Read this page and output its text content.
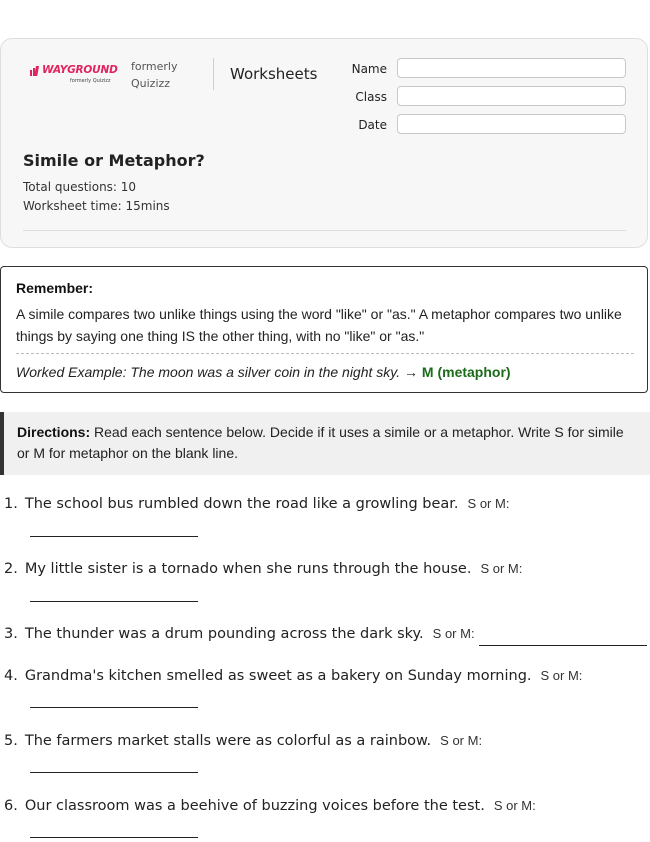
WAYGROUND
formerly Quizizz
formerly
Quizizz
Worksheets	Name
Class
Date
Simile or Metaphor?
Total questions: 10
Worksheet time: 15mins
Remember:
A simile compares two unlike things using the word "like" or "as." A metaphor compares two unlike things by saying one thing IS the other thing, with no "like" or "as."
Worked Example: The moon was a silver coin in the night sky. → M (metaphor)
Directions: Read each sentence below. Decide if it uses a simile or a metaphor. Write S for simile or M for metaphor on the blank line.
1. The school bus rumbled down the road like a growling bear. S or M:
2. My little sister is a tornado when she runs through the house. S or M:
3. The thunder was a drum pounding across the dark sky. S or M:
4. Grandma's kitchen smelled as sweet as a bakery on Sunday morning. S or M:
5. The farmers market stalls were as colorful as a rainbow. S or M:
6. Our classroom was a beehive of buzzing voices before the test. S or M:
